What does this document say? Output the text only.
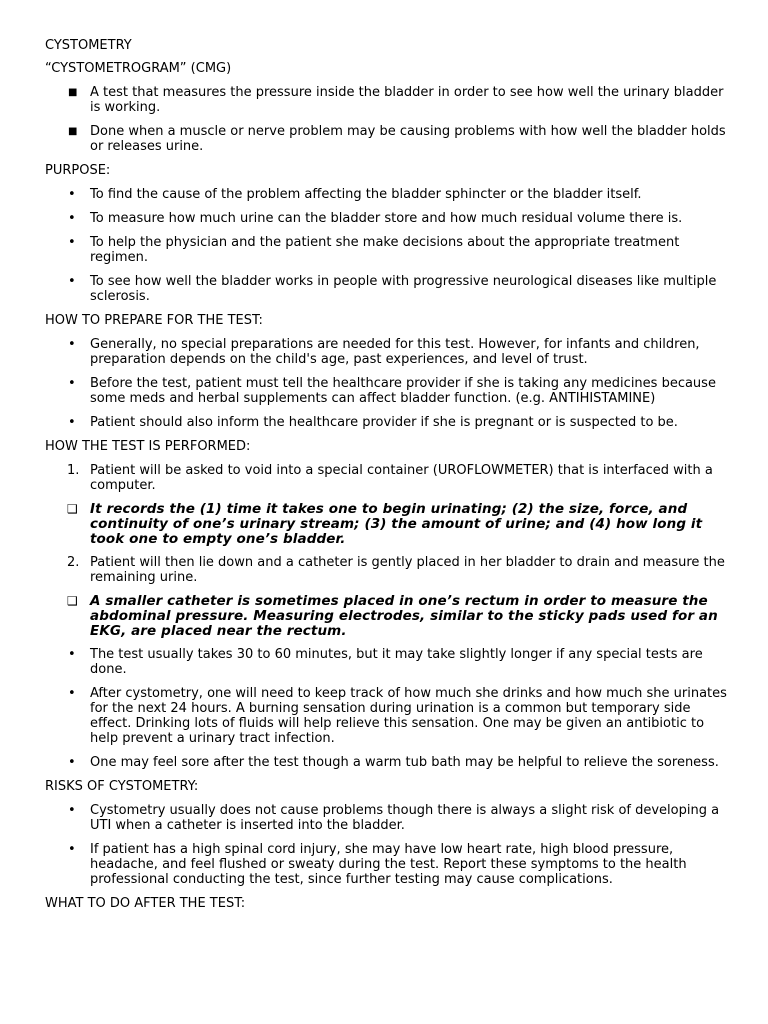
CYSTOMETRY
“CYSTOMETROGRAM” (CMG)
■ A test that measures the pressure inside the bladder in order to see how well the urinary bladder is working.
■ Done when a muscle or nerve problem may be causing problems with how well the bladder holds or releases urine.
PURPOSE:
• To find the cause of the problem affecting the bladder sphincter or the bladder itself.
• To measure how much urine can the bladder store and how much residual volume there is.
• To help the physician and the patient she make decisions about the appropriate treatment regimen.
• To see how well the bladder works in people with progressive neurological diseases like multiple sclerosis.
HOW TO PREPARE FOR THE TEST:
• Generally, no special preparations are needed for this test. However, for infants and children, preparation depends on the child's age, past experiences, and level of trust.
• Before the test, patient must tell the healthcare provider if she is taking any medicines because some meds and herbal supplements can affect bladder function. (e.g. ANTIHISTAMINE)
• Patient should also inform the healthcare provider if she is pregnant or is suspected to be.
HOW THE TEST IS PERFORMED:
1. Patient will be asked to void into a special container (UROFLOWMETER) that is interfaced with a computer.
❑ It records the (1) time it takes one to begin urinating; (2) the size, force, and continuity of one’s urinary stream; (3) the amount of urine; and (4) how long it took one to empty one’s bladder.
2. Patient will then lie down and a catheter is gently placed in her bladder to drain and measure the remaining urine.
❑ A smaller catheter is sometimes placed in one’s rectum in order to measure the abdominal pressure. Measuring electrodes, similar to the sticky pads used for an EKG, are placed near the rectum.
• The test usually takes 30 to 60 minutes, but it may take slightly longer if any special tests are done.
• After cystometry, one will need to keep track of how much she drinks and how much she urinates for the next 24 hours. A burning sensation during urination is a common but temporary side effect. Drinking lots of fluids will help relieve this sensation. One may be given an antibiotic to help prevent a urinary tract infection.
• One may feel sore after the test though a warm tub bath may be helpful to relieve the soreness.
RISKS OF CYSTOMETRY:
• Cystometry usually does not cause problems though there is always a slight risk of developing a UTI when a catheter is inserted into the bladder.
• If patient has a high spinal cord injury, she may have low heart rate, high blood pressure, headache, and feel flushed or sweaty during the test. Report these symptoms to the health professional conducting the test, since further testing may cause complications.
WHAT TO DO AFTER THE TEST:
